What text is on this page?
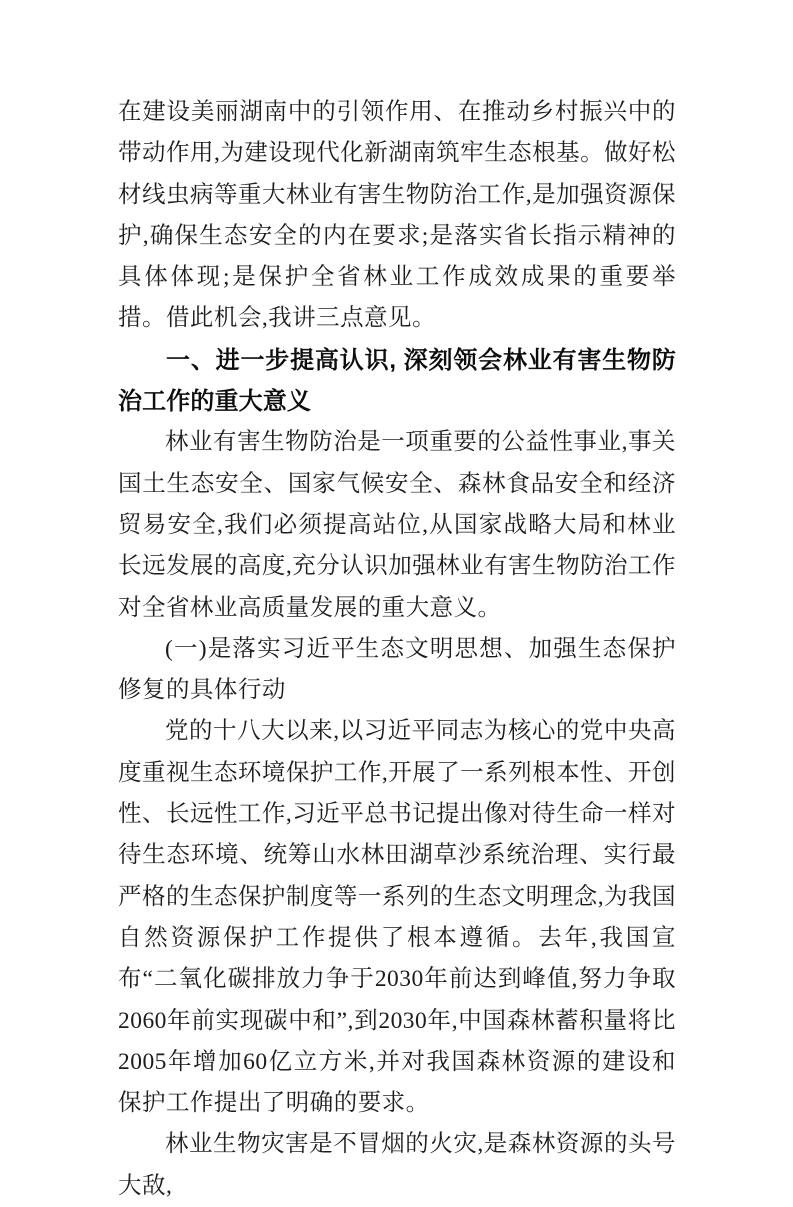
在建设美丽湖南中的引领作用、在推动乡村振兴中的带动作用,为建设现代化新湖南筑牢生态根基。做好松材线虫病等重大林业有害生物防治工作,是加强资源保护,确保生态安全的内在要求;是落实省长指示精神的具体体现;是保护全省林业工作成效成果的重要举措。借此机会,我讲三点意见。

一、进一步提高认识, 深刻领会林业有害生物防治工作的重大意义

林业有害生物防治是一项重要的公益性事业,事关国土生态安全、国家气候安全、森林食品安全和经济贸易安全,我们必须提高站位,从国家战略大局和林业长远发展的高度,充分认识加强林业有害生物防治工作对全省林业高质量发展的重大意义。

(一)是落实习近平生态文明思想、加强生态保护修复的具体行动

党的十八大以来,以习近平同志为核心的党中央高度重视生态环境保护工作,开展了一系列根本性、开创性、长远性工作,习近平总书记提出像对待生命一样对待生态环境、统筹山水林田湖草沙系统治理、实行最严格的生态保护制度等一系列的生态文明理念,为我国自然资源保护工作提供了根本遵循。去年,我国宣布“二氧化碳排放力争于2030年前达到峰值,努力争取2060年前实现碳中和”,到2030年,中国森林蓄积量将比2005年增加60亿立方米,并对我国森林资源的建设和保护工作提出了明确的要求。

林业生物灾害是不冒烟的火灾,是森林资源的头号大敌,
